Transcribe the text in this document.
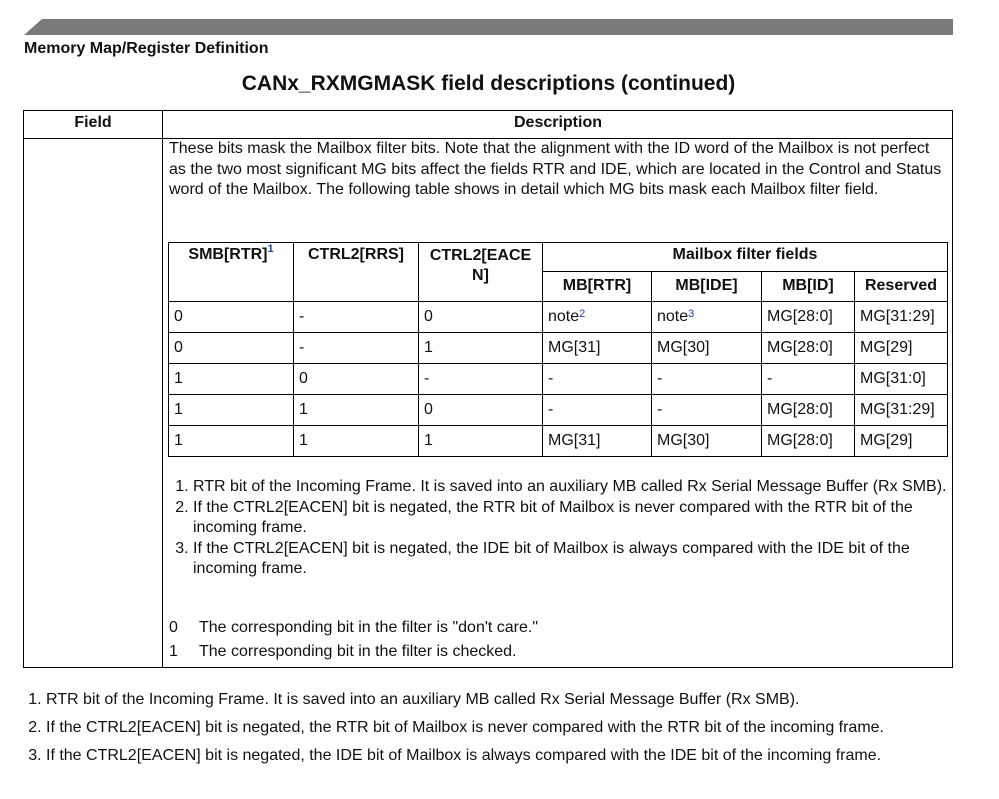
Memory Map/Register Definition
CANx_RXMGMASK field descriptions (continued)
Field	Description
These bits mask the Mailbox filter bits. Note that the alignment with the ID word of the Mailbox is not perfect as the two most significant MG bits affect the fields RTR and IDE, which are located in the Control and Status word of the Mailbox. The following table shows in detail which MG bits mask each Mailbox filter field.
SMB[RTR]$^1$	CTRL2[RRS]	CTRL2[EACE N]	Mailbox filter fields			
			MB[RTR]	MB[IDE]	MB[ID]	Reserved
0	-	0	note$^2$	note$^3$	MG[28:0]	MG[31:29]
0	-	1	MG[31]	MG[30]	MG[28:0]	MG[29]
1	0	-	-	-	-	MG[31:0]
1	1	0	-	-	MG[28:0]	MG[31:29]
1	1	1	MG[31]	MG[30]	MG[28:0]	MG[29]
1. RTR bit of the Incoming Frame. It is saved into an auxiliary MB called Rx Serial Message Buffer (Rx SMB).
2. If the CTRL2[EACEN] bit is negated, the RTR bit of Mailbox is never compared with the RTR bit of the incoming frame.
3. If the CTRL2[EACEN] bit is negated, the IDE bit of Mailbox is always compared with the IDE bit of the incoming frame.
0 The corresponding bit in the filter is "don't care."
1 The corresponding bit in the filter is checked.
1. RTR bit of the Incoming Frame. It is saved into an auxiliary MB called Rx Serial Message Buffer (Rx SMB).
2. If the CTRL2[EACEN] bit is negated, the RTR bit of Mailbox is never compared with the RTR bit of the incoming frame.
3. If the CTRL2[EACEN] bit is negated, the IDE bit of Mailbox is always compared with the IDE bit of the incoming frame.
